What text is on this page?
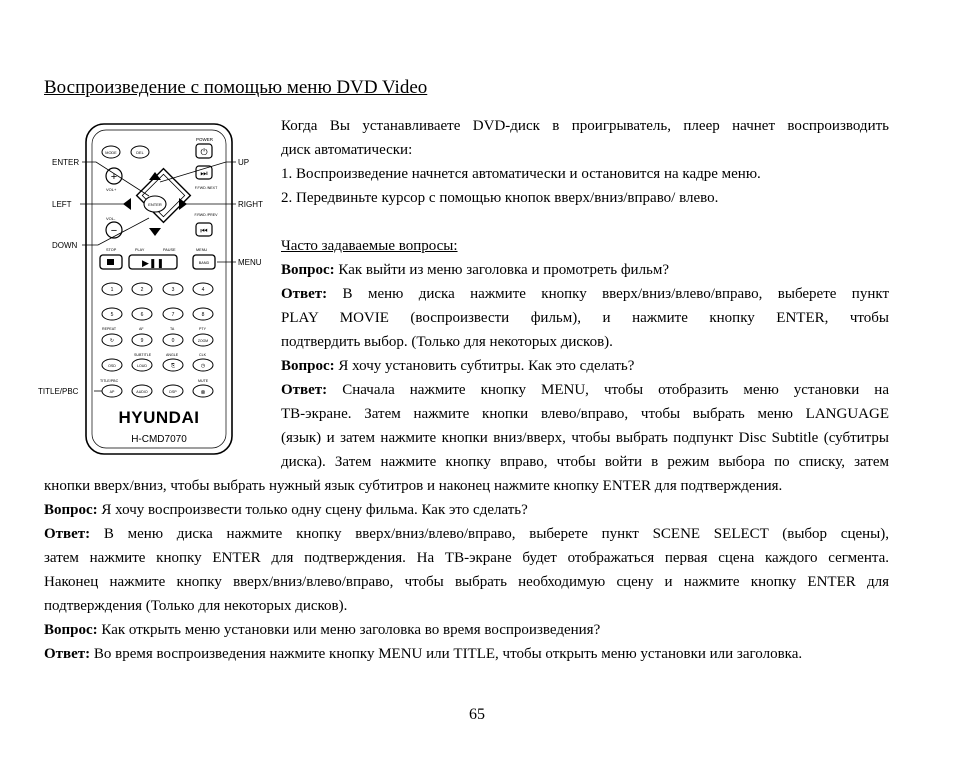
Воспроизведение с помощью меню DVD Video
POWER
MODE	DEL	⏻
+
VOL+
−
VOL-
⏭
F.FWD /NEXT
F.RWD /PREV
⏮
ENTER
STOP	PLAY	PAUSE	MENU
▶❚❚	BAND
1	2	3	4
5	6	7	8
REPEAT	AF	TA	PTY
↻	9	0	ZOOM
SUBTITLE	ANGLE	CLK
OSD	LOUD	⎘	◷
TITLE/PBC	MUTE
AP	AUDIO	DSP	⊗
HYUNDAI
H-CMD7070
ENTER	UP
LEFT	RIGHT
DOWN
MENU
TITLE/PBC

Когда Вы устанавливаете DVD-диск в проигрыватель, плеер начнет воспроизводить

диск автоматически:

1. Воспроизведение начнется автоматически и остановится на кадре меню.

2. Передвиньте курсор с помощью кнопок вверх/вниз/вправо/ влево.

Часто задаваемые вопросы:

Вопрос: Как выйти из меню заголовка и промотреть фильм?

Ответ: В меню диска нажмите кнопку вверх/вниз/влево/вправо, выберете пункт

PLAY MOVIE (воспроизвести фильм), и нажмите кнопку ENTER, чтобы

подтвердить выбор. (Только для некоторых дисков).

Вопрос: Я хочу установить субтитры. Как это сделать?

Ответ: Сначала нажмите кнопку MENU, чтобы отобразить меню установки на

ТВ-экране. Затем нажмите кнопки влево/вправо, чтобы выбрать меню LANGUAGE

(язык) и затем нажмите кнопки вниз/вверх, чтобы выбрать подпункт Disc Subtitle (субтитры

диска). Затем нажмите кнопку вправо, чтобы войти в режим выбора по списку, затем

кнопки вверх/вниз, чтобы выбрать нужный язык субтитров и наконец нажмите кнопку ENTER для подтверждения.

Вопрос: Я хочу воспроизвести только одну сцену фильма. Как это сделать?

Ответ: В меню диска нажмите кнопку вверх/вниз/влево/вправо, выберете пункт SCENE SELECT (выбор сцены),

затем нажмите кнопку ENTER для подтверждения. На ТВ-экране будет отображаться первая сцена каждого сегмента.

Наконец нажмите кнопку вверх/вниз/влево/вправо, чтобы выбрать необходимую сцену и нажмите кнопку ENTER для

подтверждения (Только для некоторых дисков).

Вопрос: Как открыть меню установки или меню заголовка во время воспроизведения?

Ответ: Во время воспроизведения нажмите кнопку MENU или TITLE, чтобы открыть меню установки или заголовка.

65
